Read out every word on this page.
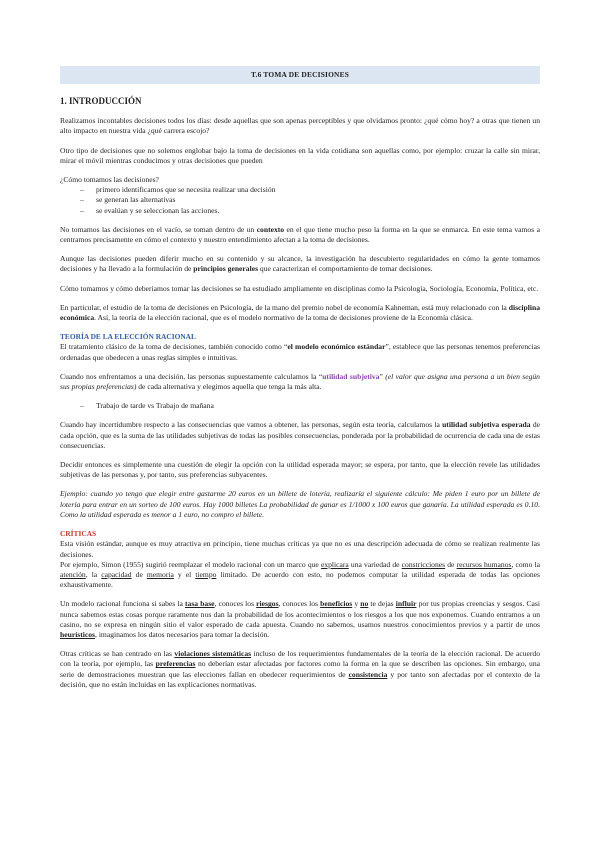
T.6 TOMA DE DECISIONES
1. INTRODUCCIÓN

Realizamos incontables decisiones todos los días: desde aquellas que son apenas perceptibles y que olvidamos pronto: ¿qué cómo hoy? a otras que tienen un alto impacto en nuestra vida ¿qué carrera escojo?

Otro tipo de decisiones que no solemos englobar bajo la toma de decisiones en la vida cotidiana son aquellas como, por ejemplo: cruzar la calle sin mirar, mirar el móvil mientras conducimos y otras decisiones que pueden

¿Cómo tomamos las decisiones?

– primero identificamos que se necesita realizar una decisión
– se generan las alternativas
– se evalúan y se seleccionan las acciones.

No tomamos las decisiones en el vacío, se toman dentro de un contexto en el que tiene mucho peso la forma en la que se enmarca. En este tema vamos a centramos precisamente en cómo el contexto y nuestro entendimiento afectan a la toma de decisiones.

Aunque las decisiones pueden diferir mucho en su contenido y su alcance, la investigación ha descubierto regularidades en cómo la gente tomamos decisiones y ha llevado a la formulación de principios generales que caracterizan el comportamiento de tomar decisiones.

Cómo tomamos y cómo deberíamos tomar las decisiones se ha estudiado ampliamente en disciplinas como la Psicología, Sociología, Economía, Política, etc.

En particular, el estudio de la toma de decisiones en Psicología, de la mano del premio nobel de economía Kahneman, está muy relacionado con la disciplina económica. Así, la teoría de la elección racional, que es el modelo normativo de la toma de decisiones proviene de la Economía clásica.

TEORÍA DE LA ELECCIÓN RACIONAL

El tratamiento clásico de la toma de decisiones, también conocido como “el modelo económico estándar”, establece que las personas tenemos preferencias ordenadas que obedecen a unas reglas simples e intuitivas.

Cuando nos enfrentamos a una decisión, las personas supuestamente calculamos la “utilidad subjetiva” (el valor que asigna una persona a un bien según sus propias preferencias) de cada alternativa y elegimos aquella que tenga la más alta.

– Trabajo de tarde vs Trabajo de mañana

Cuando hay incertidumbre respecto a las consecuencias que vamos a obtener, las personas, según esta teoría, calculamos la utilidad subjetiva esperada de cada opción, que es la suma de las utilidades subjetivas de todas las posibles consecuencias, ponderada por la probabilidad de ocurrencia de cada una de estas consecuencias.

Decidir entonces es simplemente una cuestión de elegir la opción con la utilidad esperada mayor; se espera, por tanto, que la elección revele las utilidades subjetivas de las personas y, por tanto, sus preferencias subyacentes.

Ejemplo: cuando yo tengo que elegir entre gastarme 20 euros en un billete de lotería, realizaría el siguiente cálculo: Me piden 1 euro por un billete de lotería para entrar en un sorteo de 100 euros. Hay 1000 billetes La probabilidad de ganar es 1/1000 x 100 euros que ganaría. La utilidad esperada es 0.10. Como la utilidad esperada es menor a 1 euro, no compro el billete.

CRÍTICAS

Esta visión estándar, aunque es muy atractiva en principio, tiene muchas críticas ya que no es una descripción adecuada de cómo se realizan realmente las decisiones.

Por ejemplo, Simon (1955) sugirió reemplazar el modelo racional con un marco que explicara una variedad de constricciones de recursos humanos, como la atención, la capacidad de memoria y el tiempo limitado. De acuerdo con esto, no podemos computar la utilidad esperada de todas las opciones exhaustivamente.

Un modelo racional funciona si sabes la tasa base, conoces los riesgos, conoces los beneficios y no te dejas influir por tus propias creencias y sesgos. Casi nunca sabemos estas cosas porque raramente nos dan la probabilidad de los acontecimientos o los riesgos a los que nos exponemos. Cuando entramos a un casino, no se expresa en ningún sitio el valor esperado de cada apuesta. Cuando no sabemos, usamos nuestros conocimientos previos y a partir de unos heurísticos, imaginamos los datos necesarios para tomar la decisión.

Otras críticas se han centrado en las violaciones sistemáticas incluso de los requerimientos fundamentales de la teoría de la elección racional. De acuerdo con la teoría, por ejemplo, las preferencias no deberían estar afectadas por factores como la forma en la que se describen las opciones. Sin embargo, una serie de demostraciones muestran que las elecciones fallan en obedecer requerimientos de consistencia y por tanto son afectadas por el contexto de la decisión, que no están incluidas en las explicaciones normativas.
